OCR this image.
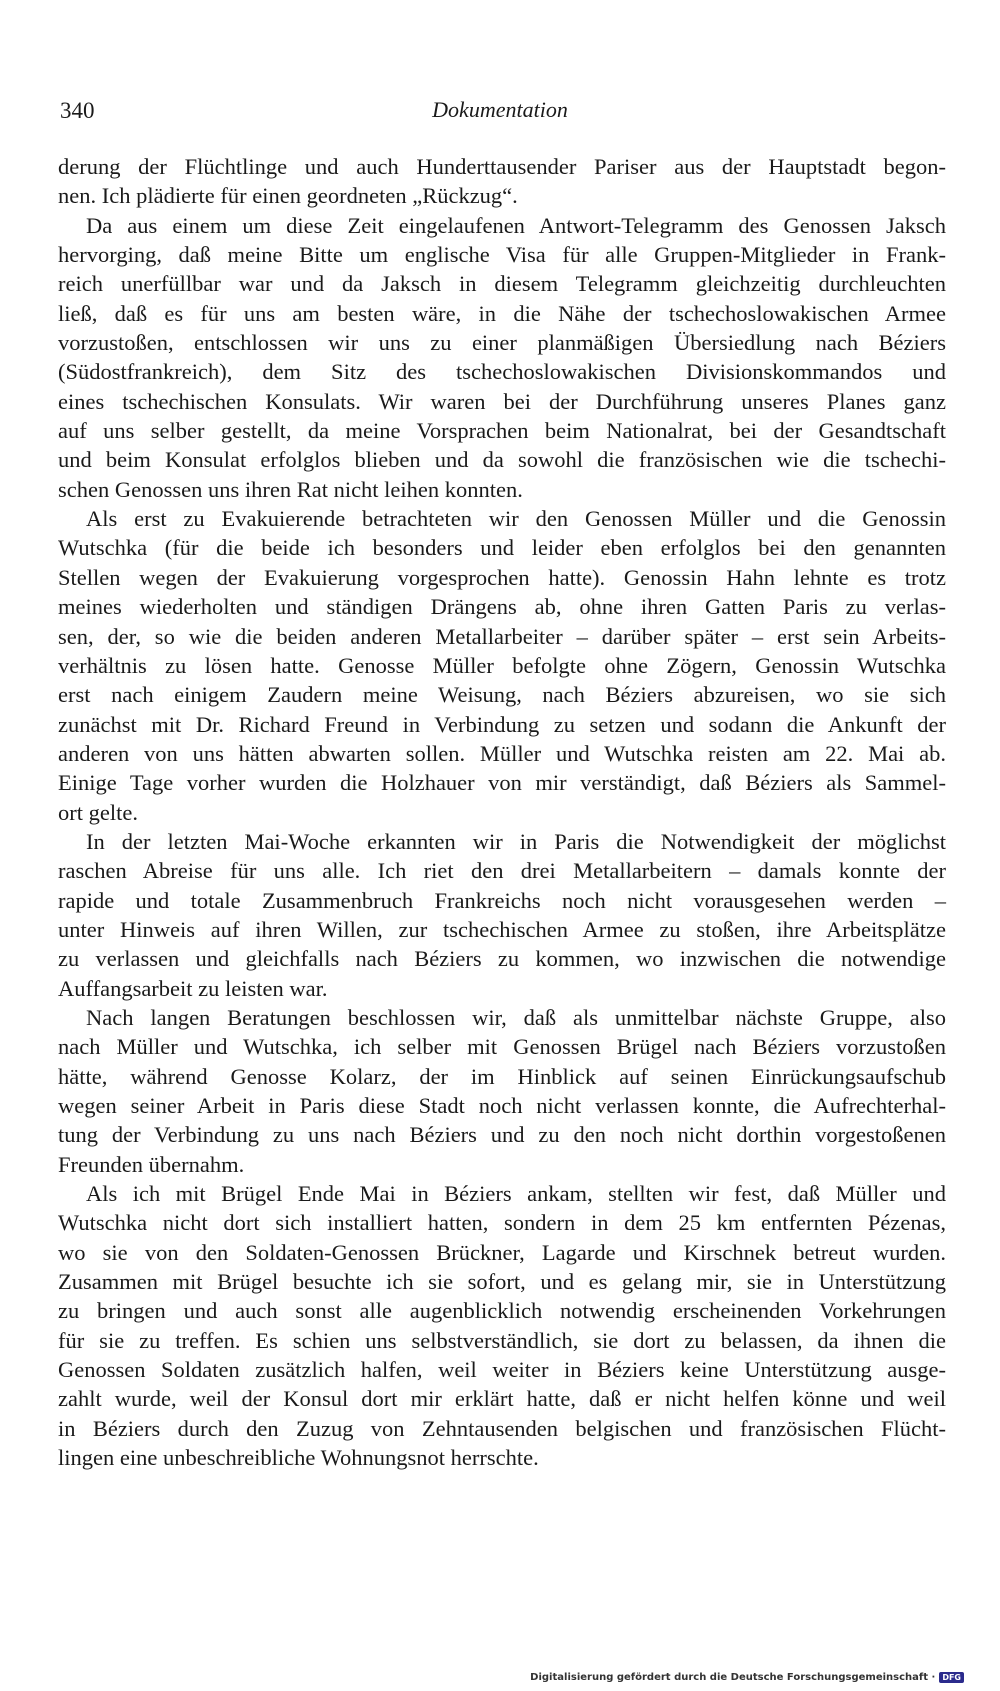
340	Dokumentation
derung der Flüchtlinge und auch Hunderttausender Pariser aus der Hauptstadt begon-
nen. Ich plädierte für einen geordneten „Rückzug“.
Da aus einem um diese Zeit eingelaufenen Antwort-Telegramm des Genossen Jaksch
hervorging, daß meine Bitte um englische Visa für alle Gruppen-Mitglieder in Frank-
reich unerfüllbar war und da Jaksch in diesem Telegramm gleichzeitig durchleuchten
ließ, daß es für uns am besten wäre, in die Nähe der tschechoslowakischen Armee
vorzustoßen, entschlossen wir uns zu einer planmäßigen Übersiedlung nach Béziers
(Südostfrankreich), dem Sitz des tschechoslowakischen Divisionskommandos und
eines tschechischen Konsulats. Wir waren bei der Durchführung unseres Planes ganz
auf uns selber gestellt, da meine Vorsprachen beim Nationalrat, bei der Gesandtschaft
und beim Konsulat erfolglos blieben und da sowohl die französischen wie die tschechi-
schen Genossen uns ihren Rat nicht leihen konnten.
Als erst zu Evakuierende betrachteten wir den Genossen Müller und die Genossin
Wutschka (für die beide ich besonders und leider eben erfolglos bei den genannten
Stellen wegen der Evakuierung vorgesprochen hatte). Genossin Hahn lehnte es trotz
meines wiederholten und ständigen Drängens ab, ohne ihren Gatten Paris zu verlas-
sen, der, so wie die beiden anderen Metallarbeiter – darüber später – erst sein Arbeits-
verhältnis zu lösen hatte. Genosse Müller befolgte ohne Zögern, Genossin Wutschka
erst nach einigem Zaudern meine Weisung, nach Béziers abzureisen, wo sie sich
zunächst mit Dr. Richard Freund in Verbindung zu setzen und sodann die Ankunft der
anderen von uns hätten abwarten sollen. Müller und Wutschka reisten am 22. Mai ab.
Einige Tage vorher wurden die Holzhauer von mir verständigt, daß Béziers als Sammel-
ort gelte.
In der letzten Mai-Woche erkannten wir in Paris die Notwendigkeit der möglichst
raschen Abreise für uns alle. Ich riet den drei Metallarbeitern – damals konnte der
rapide und totale Zusammenbruch Frankreichs noch nicht vorausgesehen werden –
unter Hinweis auf ihren Willen, zur tschechischen Armee zu stoßen, ihre Arbeitsplätze
zu verlassen und gleichfalls nach Béziers zu kommen, wo inzwischen die notwendige
Auffangsarbeit zu leisten war.
Nach langen Beratungen beschlossen wir, daß als unmittelbar nächste Gruppe, also
nach Müller und Wutschka, ich selber mit Genossen Brügel nach Béziers vorzustoßen
hätte, während Genosse Kolarz, der im Hinblick auf seinen Einrückungsaufschub
wegen seiner Arbeit in Paris diese Stadt noch nicht verlassen konnte, die Aufrechterhal-
tung der Verbindung zu uns nach Béziers und zu den noch nicht dorthin vorgestoßenen
Freunden übernahm.
Als ich mit Brügel Ende Mai in Béziers ankam, stellten wir fest, daß Müller und
Wutschka nicht dort sich installiert hatten, sondern in dem 25 km entfernten Pézenas,
wo sie von den Soldaten-Genossen Brückner, Lagarde und Kirschnek betreut wurden.
Zusammen mit Brügel besuchte ich sie sofort, und es gelang mir, sie in Unterstützung
zu bringen und auch sonst alle augenblicklich notwendig erscheinenden Vorkehrungen
für sie zu treffen. Es schien uns selbstverständlich, sie dort zu belassen, da ihnen die
Genossen Soldaten zusätzlich halfen, weil weiter in Béziers keine Unterstützung ausge-
zahlt wurde, weil der Konsul dort mir erklärt hatte, daß er nicht helfen könne und weil
in Béziers durch den Zuzug von Zehntausenden belgischen und französischen Flücht-
lingen eine unbeschreibliche Wohnungsnot herrschte.
Digitalisierung gefördert durch die Deutsche Forschungsgemeinschaft · DFG
